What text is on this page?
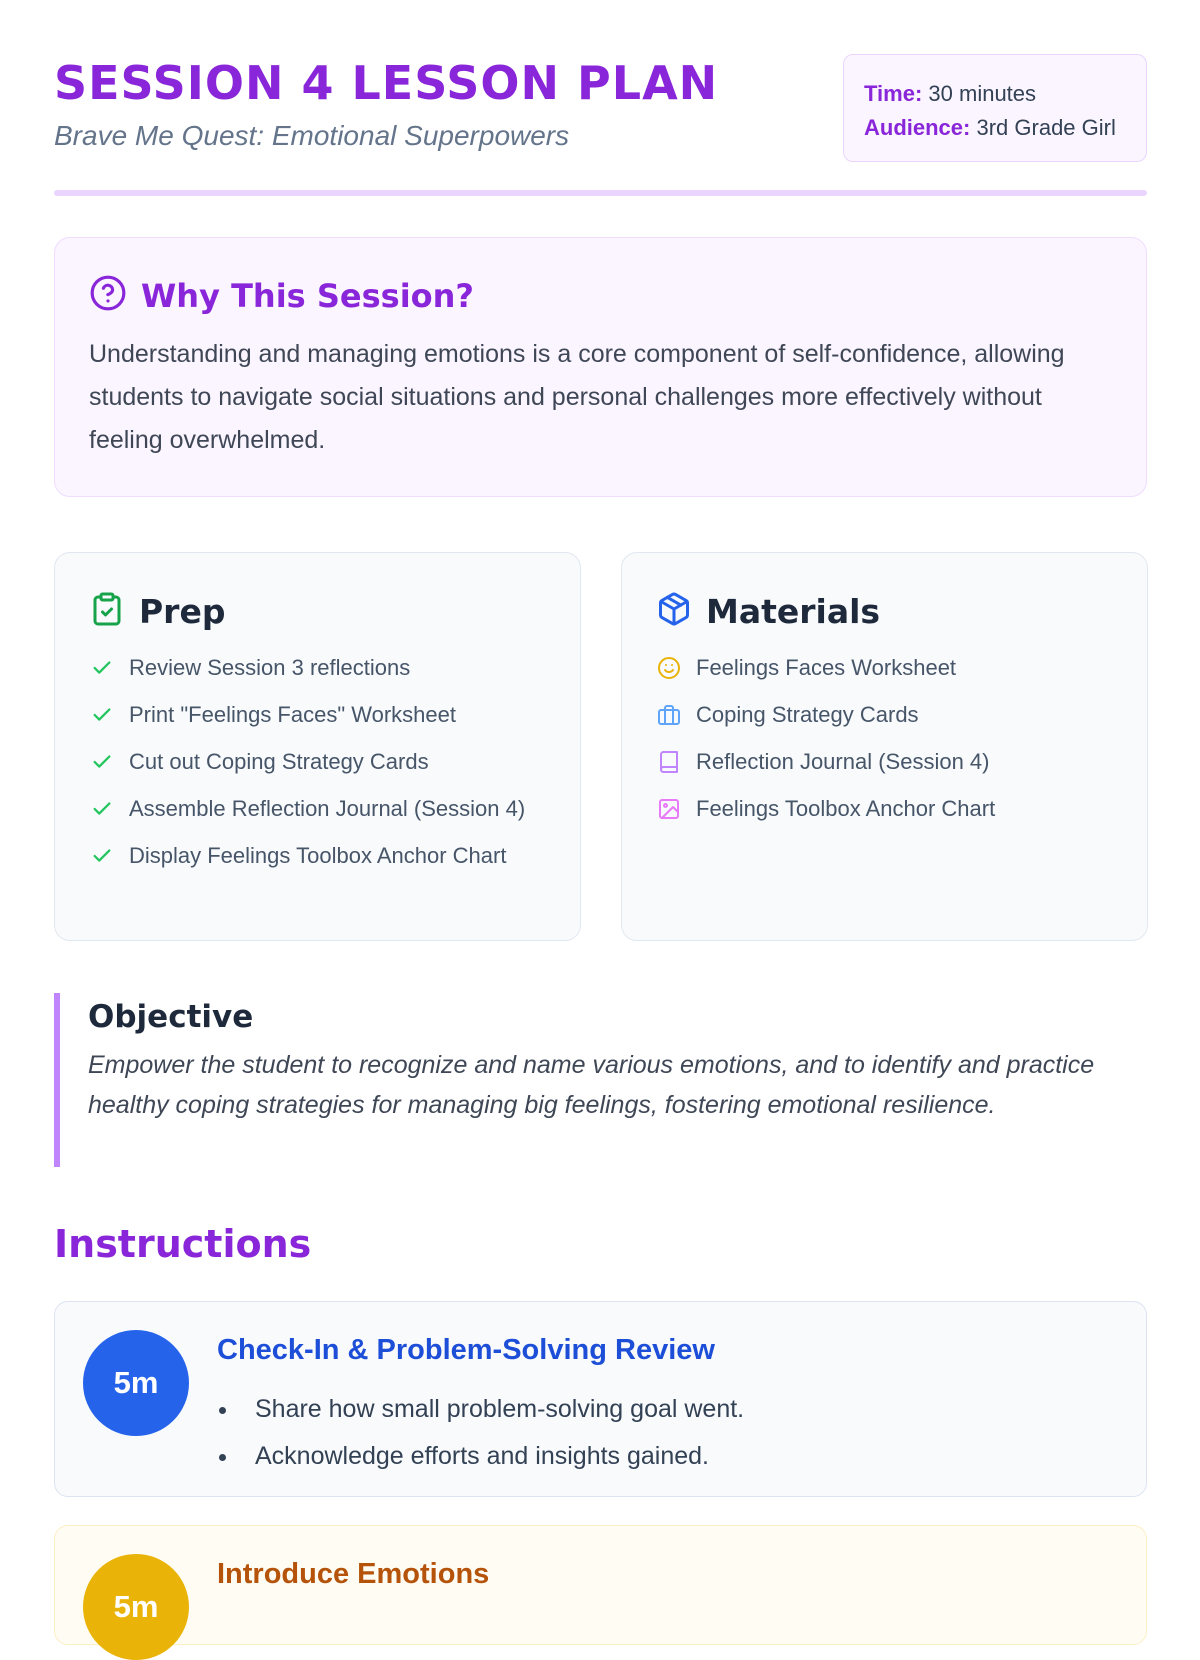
SESSION 4 LESSON PLAN
Brave Me Quest: Emotional Superpowers
Time: 30 minutes
Audience: 3rd Grade Girl
Why This Session?

Understanding and managing emotions is a core component of self-confidence, allowing students to navigate social situations and personal challenges more effectively without feeling overwhelmed.

Prep
Review Session 3 reflections
Print "Feelings Faces" Worksheet
Cut out Coping Strategy Cards
Assemble Reflection Journal (Session 4)
Display Feelings Toolbox Anchor Chart
Materials
Feelings Faces Worksheet
Coping Strategy Cards
Reflection Journal (Session 4)
Feelings Toolbox Anchor Chart
Objective

Empower the student to recognize and name various emotions, and to identify and practice healthy coping strategies for managing big feelings, fostering emotional resilience.

Instructions
5m
Check-In & Problem-Solving Review
Share how small problem-solving goal went.
Acknowledge efforts and insights gained.
5m
Introduce Emotions
